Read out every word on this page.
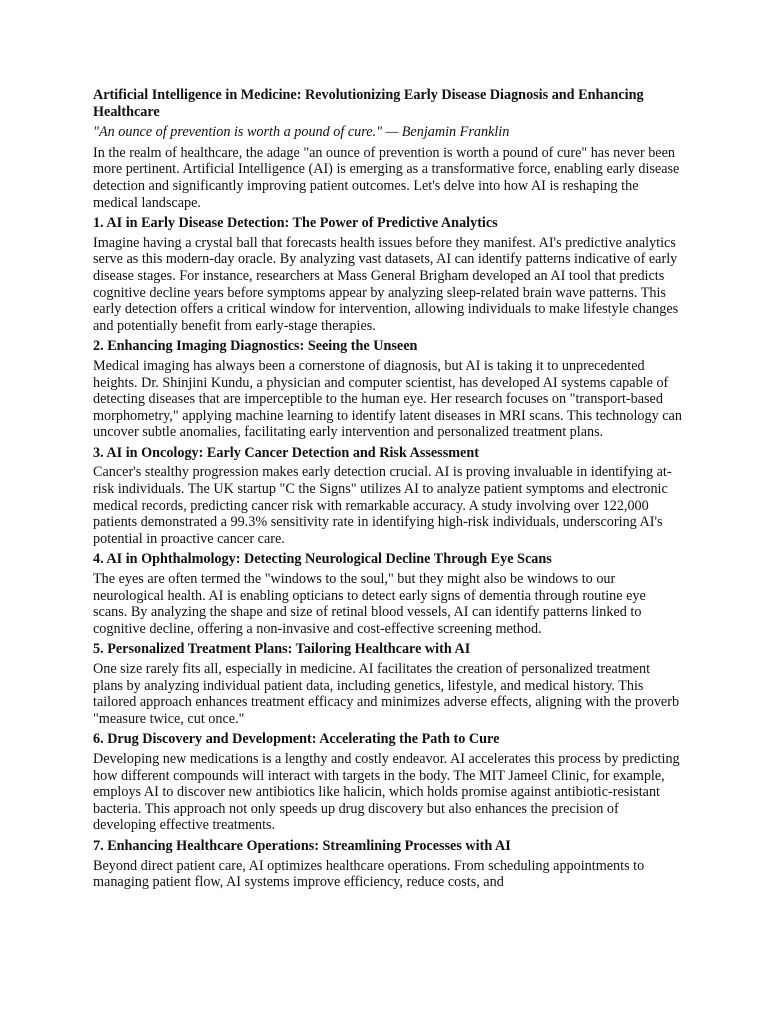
Artificial Intelligence in Medicine: Revolutionizing Early Disease Diagnosis and Enhancing Healthcare
"An ounce of prevention is worth a pound of cure." — Benjamin Franklin
In the realm of healthcare, the adage "an ounce of prevention is worth a pound of cure" has never been more pertinent. Artificial Intelligence (AI) is emerging as a transformative force, enabling early disease detection and significantly improving patient outcomes. Let's delve into how AI is reshaping the medical landscape.
1. AI in Early Disease Detection: The Power of Predictive Analytics
Imagine having a crystal ball that forecasts health issues before they manifest. AI's predictive analytics serve as this modern-day oracle. By analyzing vast datasets, AI can identify patterns indicative of early disease stages. For instance, researchers at Mass General Brigham developed an AI tool that predicts cognitive decline years before symptoms appear by analyzing sleep-related brain wave patterns. This early detection offers a critical window for intervention, allowing individuals to make lifestyle changes and potentially benefit from early-stage therapies.
2. Enhancing Imaging Diagnostics: Seeing the Unseen
Medical imaging has always been a cornerstone of diagnosis, but AI is taking it to unprecedented heights. Dr. Shinjini Kundu, a physician and computer scientist, has developed AI systems capable of detecting diseases that are imperceptible to the human eye. Her research focuses on "transport-based morphometry," applying machine learning to identify latent diseases in MRI scans. This technology can uncover subtle anomalies, facilitating early intervention and personalized treatment plans.
3. AI in Oncology: Early Cancer Detection and Risk Assessment
Cancer's stealthy progression makes early detection crucial. AI is proving invaluable in identifying at-risk individuals. The UK startup "C the Signs" utilizes AI to analyze patient symptoms and electronic medical records, predicting cancer risk with remarkable accuracy. A study involving over 122,000 patients demonstrated a 99.3% sensitivity rate in identifying high-risk individuals, underscoring AI's potential in proactive cancer care.
4. AI in Ophthalmology: Detecting Neurological Decline Through Eye Scans
The eyes are often termed the "windows to the soul," but they might also be windows to our neurological health. AI is enabling opticians to detect early signs of dementia through routine eye scans. By analyzing the shape and size of retinal blood vessels, AI can identify patterns linked to cognitive decline, offering a non-invasive and cost-effective screening method.
5. Personalized Treatment Plans: Tailoring Healthcare with AI
One size rarely fits all, especially in medicine. AI facilitates the creation of personalized treatment plans by analyzing individual patient data, including genetics, lifestyle, and medical history. This tailored approach enhances treatment efficacy and minimizes adverse effects, aligning with the proverb "measure twice, cut once."
6. Drug Discovery and Development: Accelerating the Path to Cure
Developing new medications is a lengthy and costly endeavor. AI accelerates this process by predicting how different compounds will interact with targets in the body. The MIT Jameel Clinic, for example, employs AI to discover new antibiotics like halicin, which holds promise against antibiotic-resistant bacteria. This approach not only speeds up drug discovery but also enhances the precision of developing effective treatments.
7. Enhancing Healthcare Operations: Streamlining Processes with AI
Beyond direct patient care, AI optimizes healthcare operations. From scheduling appointments to managing patient flow, AI systems improve efficiency, reduce costs, and
